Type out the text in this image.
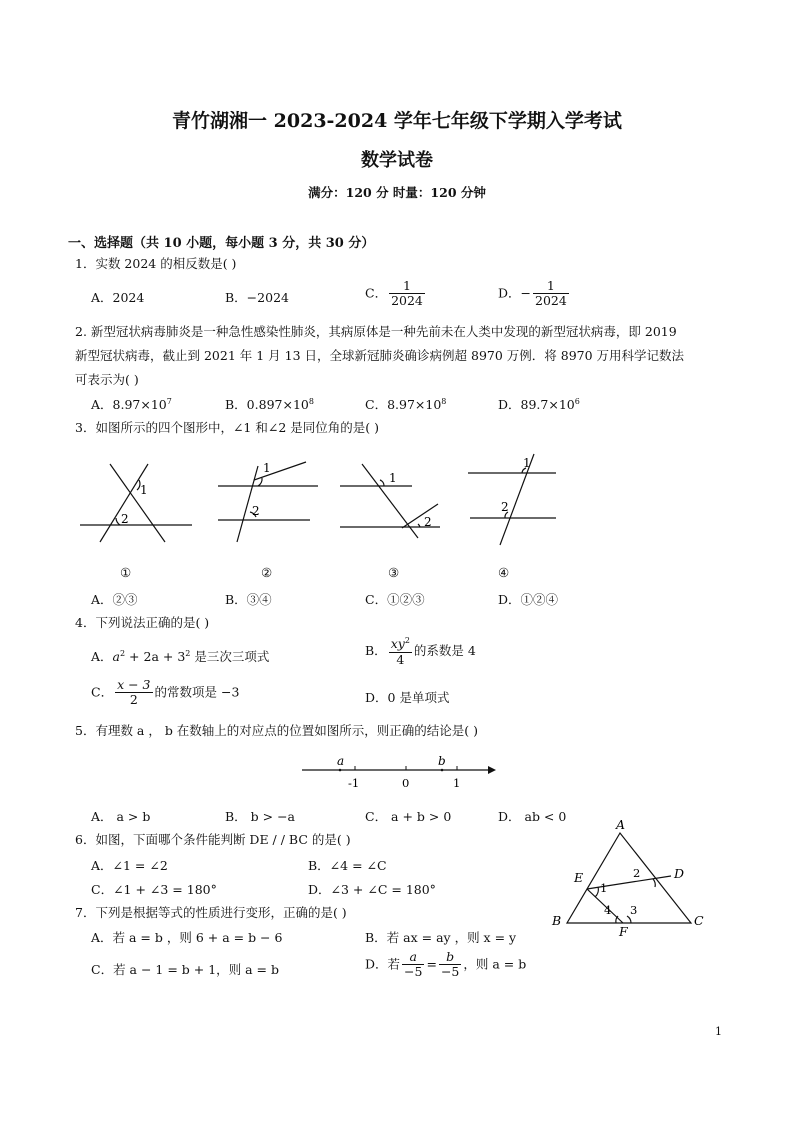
青竹湖湘一 2023-2024 学年七年级下学期入学考试
数学试卷
满分：120 分 时量：120 分钟
一、选择题（共 10 小题，每小题 3 分，共 30 分）
1．实数 2024 的相反数是( )
A．2024	B．−2024	C． $\frac{1}{2024}$	D．− $\frac{1}{2024}$
2. 新型冠状病毒肺炎是一种急性感染性肺炎，其病原体是一种先前未在人类中发现的新型冠状病毒，即 2019
新型冠状病毒，截止到 2021 年 1 月 13 日，全球新冠肺炎确诊病例超 8970 万例．将 8970 万用科学记数法
可表示为( )
A．$8.97\times 10^7$	B．$0.897\times 10^8$	C．$8.97\times 10^8$	D．$89.7\times 10^6$
3．如图所示的四个图形中，∠1 和∠2 是同位角的是( )
1
2
1
2
1
2
1
2
①	②	③	④
A．②③	B．③④	C．①②③	D．①②④
4．下列说法正确的是( )
A．$a^2 + 2a + 3^2$ 是三次三项式	B． $\frac{xy^2}{4}$ 的系数是 4
C． $\frac{x - 3}{2}$ 的常数项是 −3	D．0 是单项式
5．有理数 a ， b 在数轴上的对应点的位置如图所示，则正确的结论是( )
a	b
-1	0	1
A． a > b	B． b > −a	C． a + b > 0	D． ab < 0
6．如图，下面哪个条件能判断 DE / / BC 的是( )
A．∠1 = ∠2	B．∠4 = ∠C
C．∠1 + ∠3 = 180°	D．∠3 + ∠C = 180°
A
B	C
D
E
F
1
2
3
4
7．下列是根据等式的性质进行变形，正确的是( )
A．若 a = b ，则 6 + a = b − 6	B．若 ax = ay ，则 x = y
C．若 a − 1 = b + 1，则 a = b	D．若 $\frac{a}{-5} = \frac{b}{-5}$ ，则 a = b
1
